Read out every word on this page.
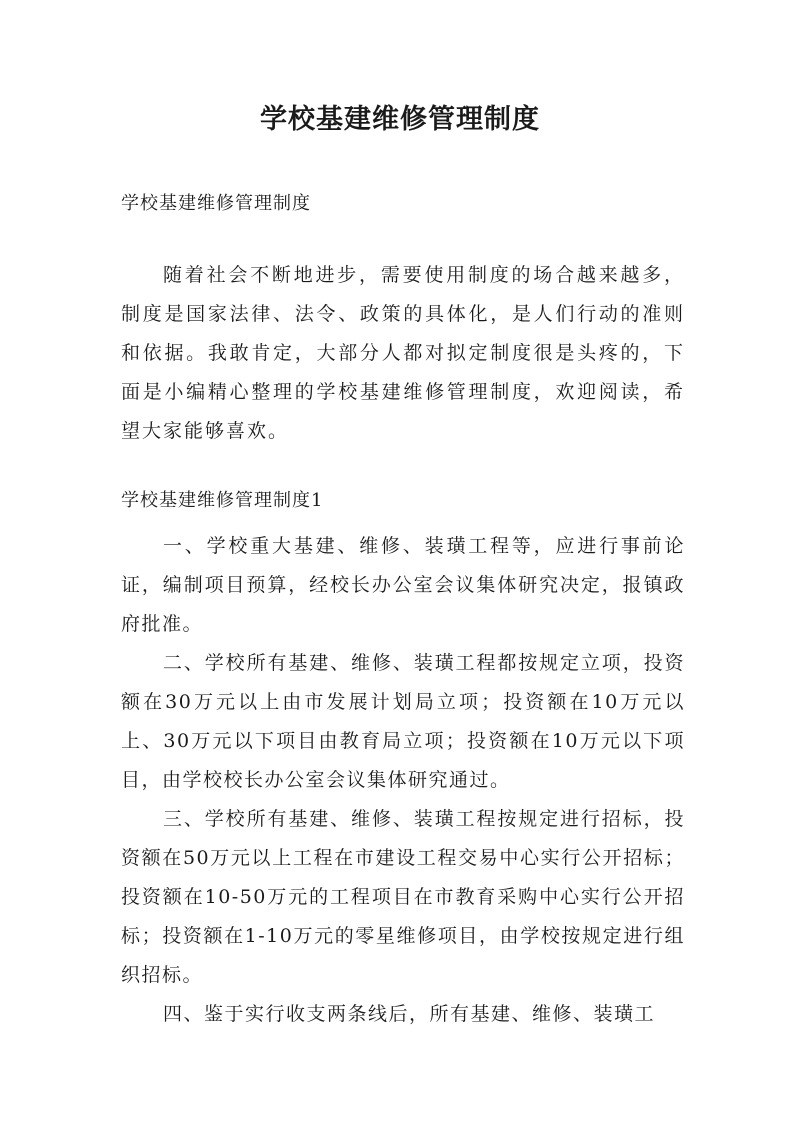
学校基建维修管理制度

学校基建维修管理制度

随着社会不断地进步，需要使用制度的场合越来越多，制度是国家法律、法令、政策的具体化，是人们行动的准则和依据。我敢肯定，大部分人都对拟定制度很是头疼的，下面是小编精心整理的学校基建维修管理制度，欢迎阅读，希望大家能够喜欢。

学校基建维修管理制度1

一、学校重大基建、维修、装璜工程等，应进行事前论证，编制项目预算，经校长办公室会议集体研究决定，报镇政府批准。

二、学校所有基建、维修、装璜工程都按规定立项，投资额在30万元以上由市发展计划局立项；投资额在10万元以上、30万元以下项目由教育局立项；投资额在10万元以下项目，由学校校长办公室会议集体研究通过。

三、学校所有基建、维修、装璜工程按规定进行招标，投资额在50万元以上工程在市建设工程交易中心实行公开招标；投资额在10-50万元的工程项目在市教育采购中心实行公开招标；投资额在1-10万元的零星维修项目，由学校按规定进行组织招标。

四、鉴于实行收支两条线后，所有基建、维修、装璜工
